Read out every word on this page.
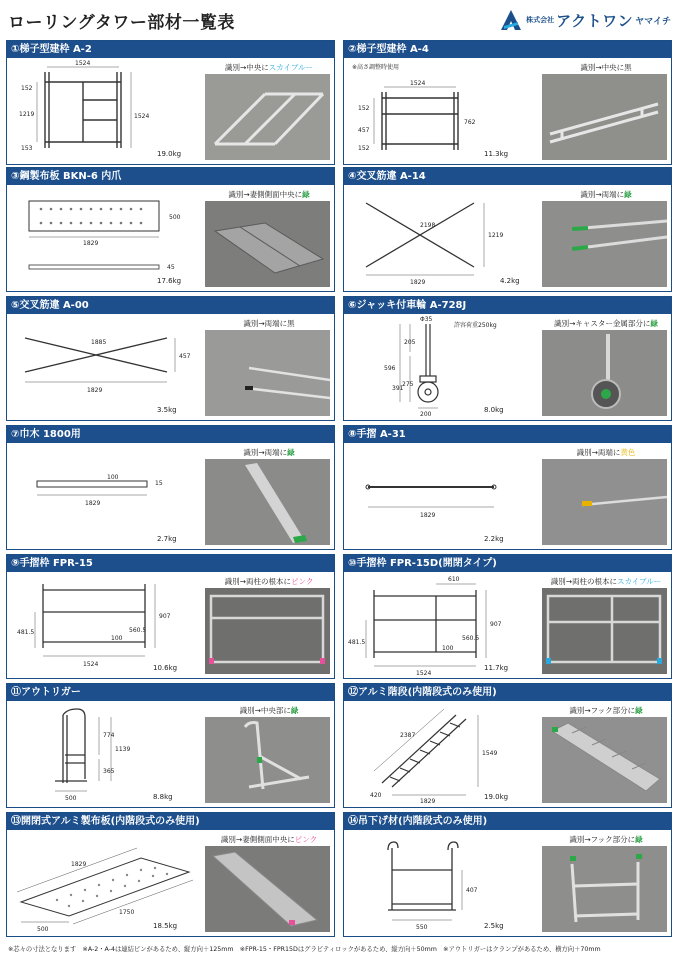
ローリングタワー部材一覧表	株式会社 アクトワン ヤマイチ
①梯子型建枠 A-2
1524
152
1219
153
1524
識別→中央にスカイブルー
19.0kg
②梯子型建枠 A-4
※高さ調整時使用
1524
152
457
152
762
識別→中央に黒
11.3kg
③鋼製布板 BKN-6 内爪
500
1829
45
識別→妻側側面中央に緑
17.6kg
④交叉筋違 A-14
2198
1219
1829
識別→両端に緑
4.2kg
⑤交叉筋違 A-00
1885
457
1829
識別→両端に黒
3.5kg
⑥ジャッキ付車輪 A-728J
許容荷重250kg
Φ35
205
596
391
275
200
識別→キャスター金属部分に緑
8.0kg
⑦巾木 1800用
100
1829
15
識別→両端に緑
2.7kg
⑧手摺 A-31
1829
識別→両端に黄色
2.2kg
⑨手摺枠 FPR-15
907
481.5	560.5
100
1524
識別→両柱の根本にピンク
10.6kg
⑩手摺枠 FPR-15D(開閉タイプ)
610
907
481.5
560.5
100
1524
識別→両柱の根本にスカイブルー
11.7kg
⑪アウトリガー
774
1139
365
500
識別→中央部に緑
8.8kg
⑫アルミ階段(内階段式のみ使用)
2387
1549
420
1829
識別→フック部分に緑
19.0kg
⑬開閉式アルミ製布板(内階段式のみ使用)
1829
1750
500
識別→妻側側面中央にピンク
18.5kg
⑭吊下げ材(内階段式のみ使用)
407
550
識別→フック部分に緑
2.5kg
※芯々の寸法となります　※A-2・A-4は連結ピンがあるため、縦方向＋125mm　※FPR-15・FPR15Dはグラビティロックがあるため、縦方向＋50mm　※アウトリガーはクランプがあるため、横方向＋70mm
